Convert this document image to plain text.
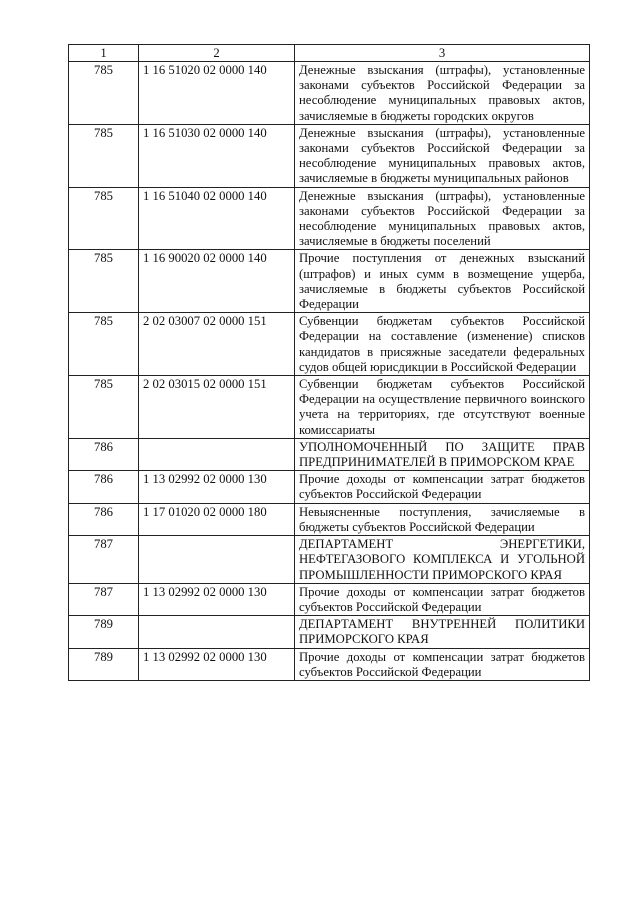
1	2	3
785	1 16 51020 02 0000 140	Денежные взыскания (штрафы), установленные законами субъектов Российской Федерации за несоблюдение муниципальных правовых актов, зачисляемые в бюджеты городских округов
785	1 16 51030 02 0000 140	Денежные взыскания (штрафы), установленные законами субъектов Российской Федерации за несоблюдение муниципальных правовых актов, зачисляемые в бюджеты муниципальных районов
785	1 16 51040 02 0000 140	Денежные взыскания (штрафы), установленные законами субъектов Российской Федерации за несоблюдение муниципальных правовых актов, зачисляемые в бюджеты поселений
785	1 16 90020 02 0000 140	Прочие поступления от денежных взысканий (штрафов) и иных сумм в возмещение ущерба, зачисляемые в бюджеты субъектов Российской Федерации
785	2 02 03007 02 0000 151	Субвенции бюджетам субъектов Российской Федерации на составление (изменение) списков кандидатов в присяжные заседатели федеральных судов общей юрисдикции в Российской Федерации
785	2 02 03015 02 0000 151	Субвенции бюджетам субъектов Российской Федерации на осуществление первичного воинского учета на территориях, где отсутствуют военные комиссариаты
786		УПОЛНОМОЧЕННЫЙ ПО ЗАЩИТЕ ПРАВ ПРЕДПРИНИМАТЕЛЕЙ В ПРИМОРСКОМ КРАЕ
786	1 13 02992 02 0000 130	Прочие доходы от компенсации затрат бюджетов субъектов Российской Федерации
786	1 17 01020 02 0000 180	Невыясненные поступления, зачисляемые в бюджеты субъектов Российской Федерации
787		ДЕПАРТАМЕНТ ЭНЕРГЕТИКИ, НЕФТЕГАЗОВОГО КОМПЛЕКСА И УГОЛЬНОЙ ПРОМЫШЛЕННОСТИ ПРИМОРСКОГО КРАЯ
787	1 13 02992 02 0000 130	Прочие доходы от компенсации затрат бюджетов субъектов Российской Федерации
789		ДЕПАРТАМЕНТ ВНУТРЕННЕЙ ПОЛИТИКИ ПРИМОРСКОГО КРАЯ
789	1 13 02992 02 0000 130	Прочие доходы от компенсации затрат бюджетов субъектов Российской Федерации
